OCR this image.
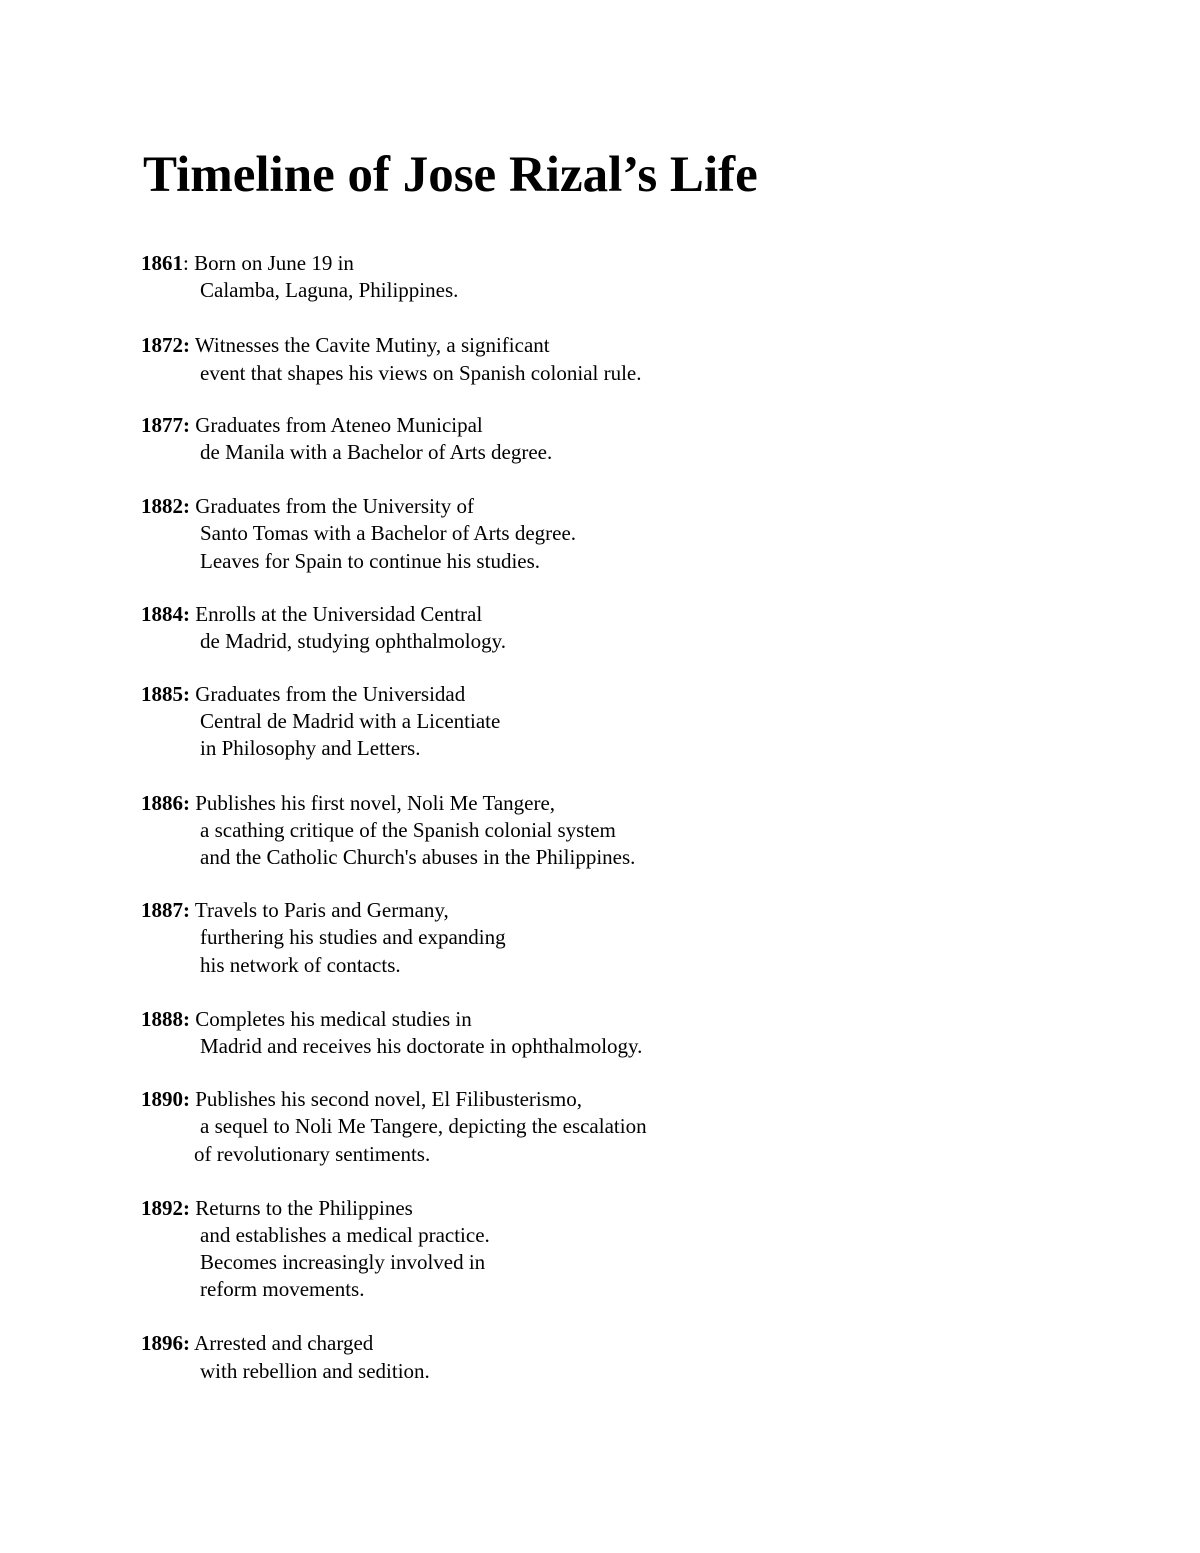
Timeline of Jose Rizal’s Life
1861: Born on June 19 in
Calamba, Laguna, Philippines.
1872: Witnesses the Cavite Mutiny, a significant
event that shapes his views on Spanish colonial rule.
1877: Graduates from Ateneo Municipal
de Manila with a Bachelor of Arts degree.
1882: Graduates from the University of
Santo Tomas with a Bachelor of Arts degree.
Leaves for Spain to continue his studies.
1884: Enrolls at the Universidad Central
de Madrid, studying ophthalmology.
1885: Graduates from the Universidad
Central de Madrid with a Licentiate
in Philosophy and Letters.
1886: Publishes his first novel, Noli Me Tangere,
a scathing critique of the Spanish colonial system
and the Catholic Church's abuses in the Philippines.
1887: Travels to Paris and Germany,
furthering his studies and expanding
his network of contacts.
1888: Completes his medical studies in
Madrid and receives his doctorate in ophthalmology.
1890: Publishes his second novel, El Filibusterismo,
a sequel to Noli Me Tangere, depicting the escalation
of revolutionary sentiments.
1892: Returns to the Philippines
and establishes a medical practice.
Becomes increasingly involved in
reform movements.
1896: Arrested and charged
with rebellion and sedition.
